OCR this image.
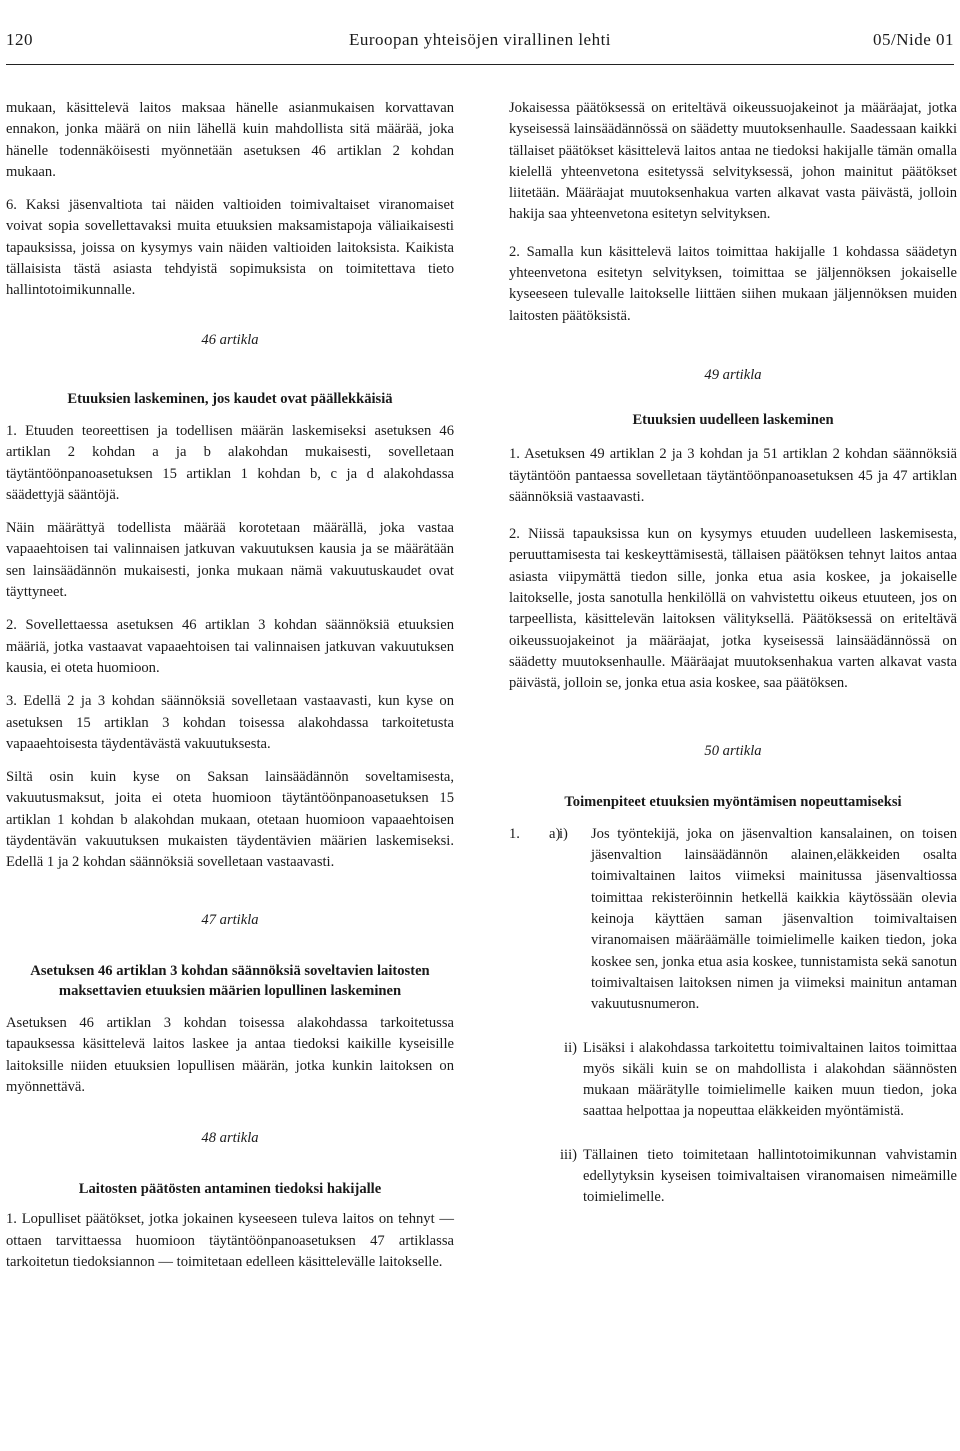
120	Euroopan yhteisöjen virallinen lehti	05/Nide 01

mukaan, käsittelevä laitos maksaa hänelle asianmukaisen korvattavan ennakon, jonka määrä on niin lähellä kuin mahdollista sitä määrää, joka hänelle todennäköisesti myönnetään asetuksen 46 artiklan 2 kohdan mukaan.

6. Kaksi jäsenvaltiota tai näiden valtioiden toimivaltaiset viranomaiset voivat sopia sovellettavaksi muita etuuksien maksamistapoja väliaikaisesti tapauksissa, joissa on kysymys vain näiden valtioiden laitoksista. Kaikista tällaisista tästä asiasta tehdyistä sopimuksista on toimitettava tieto hallintotoimikunnalle.

46 artikla
Etuuksien laskeminen, jos kaudet ovat päällekkäisiä

1. Etuuden teoreettisen ja todellisen määrän laskemiseksi asetuksen 46 artiklan 2 kohdan a ja b alakohdan mukaisesti, sovelletaan täytäntöönpanoasetuksen 15 artiklan 1 kohdan b, c ja d alakohdassa säädettyjä sääntöjä.

Näin määrättyä todellista määrää korotetaan määrällä, joka vastaa vapaaehtoisen tai valinnaisen jatkuvan vakuutuksen kausia ja se määrätään sen lainsäädännön mukaisesti, jonka mukaan nämä vakuutuskaudet ovat täyttyneet.

2. Sovellettaessa asetuksen 46 artiklan 3 kohdan säännöksiä etuuksien määriä, jotka vastaavat vapaaehtoisen tai valinnaisen jatkuvan vakuutuksen kausia, ei oteta huomioon.

3. Edellä 2 ja 3 kohdan säännöksiä sovelletaan vastaavasti, kun kyse on asetuksen 15 artiklan 3 kohdan toisessa alakohdassa tarkoitetusta vapaaehtoisesta täydentävästä vakuutuksesta.

Siltä osin kuin kyse on Saksan lainsäädännön soveltamisesta, vakuutusmaksut, joita ei oteta huomioon täytäntöönpanoasetuksen 15 artiklan 1 kohdan b alakohdan mukaan, otetaan huomioon vapaaehtoisen täydentävän vakuutuksen mukaisten täydentävien määrien laskemiseksi. Edellä 1 ja 2 kohdan säännöksiä sovelletaan vastaavasti.

47 artikla
Asetuksen 46 artiklan 3 kohdan säännöksiä soveltavien laitosten maksettavien etuuksien määrien lopullinen laskeminen

Asetuksen 46 artiklan 3 kohdan toisessa alakohdassa tarkoitetussa tapauksessa käsittelevä laitos laskee ja antaa tiedoksi kaikille kyseisille laitoksille niiden etuuksien lopullisen määrän, jotka kunkin laitoksen on myönnettävä.

48 artikla
Laitosten päätösten antaminen tiedoksi hakijalle

1. Lopulliset päätökset, jotka jokainen kyseeseen tuleva laitos on tehnyt — ottaen tarvittaessa huomioon täytäntöönpanoasetuksen 47 artiklassa tarkoitetun tiedoksiannon — toimitetaan edelleen käsittelevälle laitokselle.

Jokaisessa päätöksessä on eriteltävä oikeussuojakeinot ja määräajat, jotka kyseisessä lainsäädännössä on säädetty muutoksenhaulle. Saadessaan kaikki tällaiset päätökset käsittelevä laitos antaa ne tiedoksi hakijalle tämän omalla kielellä yhteenvetona esitetyssä selvityksessä, johon mainitut päätökset liitetään. Määräajat muutoksenhakua varten alkavat vasta päivästä, jolloin hakija saa yhteenvetona esitetyn selvityksen.

2. Samalla kun käsittelevä laitos toimittaa hakijalle 1 kohdassa säädetyn yhteenvetona esitetyn selvityksen, toimittaa se jäljennöksen jokaiselle kyseeseen tulevalle laitokselle liittäen siihen mukaan jäljennöksen muiden laitosten päätöksistä.

49 artikla
Etuuksien uudelleen laskeminen

1. Asetuksen 49 artiklan 2 ja 3 kohdan ja 51 artiklan 2 kohdan säännöksiä täytäntöön pantaessa sovelletaan täytäntöönpanoasetuksen 45 ja 47 artiklan säännöksiä vastaavasti.

2. Niissä tapauksissa kun on kysymys etuuden uudelleen laskemisesta, peruuttamisesta tai keskeyttämisestä, tällaisen päätöksen tehnyt laitos antaa asiasta viipymättä tiedon sille, jonka etua asia koskee, ja jokaiselle laitokselle, josta sanotulla henkilöllä on vahvistettu oikeus etuuteen, jos on tarpeellista, käsittelevän laitoksen välityksellä. Päätöksessä on eriteltävä oikeussuojakeinot ja määräajat, jotka kyseisessä lainsäädännössä on säädetty muutoksenhaulle. Määräajat muutoksenhakua varten alkavat vasta päivästä, jolloin se, jonka etua asia koskee, saa päätöksen.

50 artikla
Toimenpiteet etuuksien myöntämisen nopeuttamiseksi
1.	a)
i)	Jos työntekijä, joka on jäsenvaltion kansalainen, on toisen jäsenvaltion lainsäädännön alainen,eläkkeiden osalta toimivaltainen laitos viimeksi mainitussa jäsenvaltiossa toimittaa rekisteröinnin hetkellä kaikkia käytössään olevia keinoja käyttäen saman jäsenvaltion toimivaltaisen viranomaisen määräämälle toimielimelle kaiken tiedon, joka koskee sen, jonka etua asia koskee, tunnistamista sekä sanotun toimivaltaisen laitoksen nimen ja viimeksi mainitun antaman vakuutusnumeron.
ii) Lisäksi i alakohdassa tarkoitettu toimivaltainen laitos toimittaa myös sikäli kuin se on mahdollista i alakohdan säännösten mukaan määrätylle toimielimelle kaiken muun tiedon, joka saattaa helpottaa ja nopeuttaa eläkkeiden myöntämistä.
iii) Tällainen tieto toimitetaan hallintotoimikunnan vahvistamin edellytyksin kyseisen toimivaltaisen viranomaisen nimeämille toimielimelle.
